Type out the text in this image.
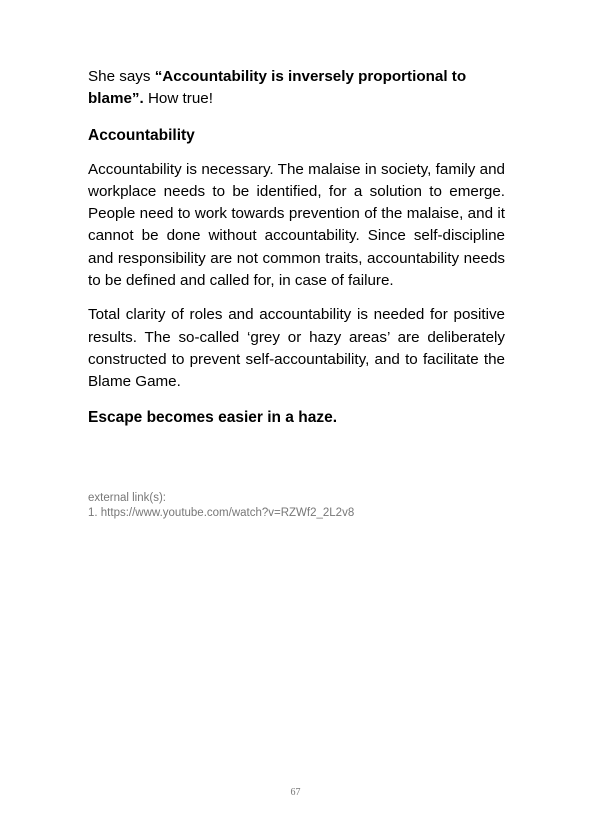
She says “Accountability is inversely proportional to blame”. How true!

Accountability

Accountability is necessary. The malaise in society, family and workplace needs to be identified, for a solution to emerge. People need to work towards prevention of the malaise, and it cannot be done without accountability. Since self-discipline and responsibility are not common traits, accountability needs to be defined and called for, in case of failure.

Total clarity of roles and accountability is needed for positive results. The so-called ‘grey or hazy areas’ are deliberately constructed to prevent self-accountability, and to facilitate the Blame Game.

Escape becomes easier in a haze.

external link(s):
1. https://www.youtube.com/watch?v=RZWf2_2L2v8
67
